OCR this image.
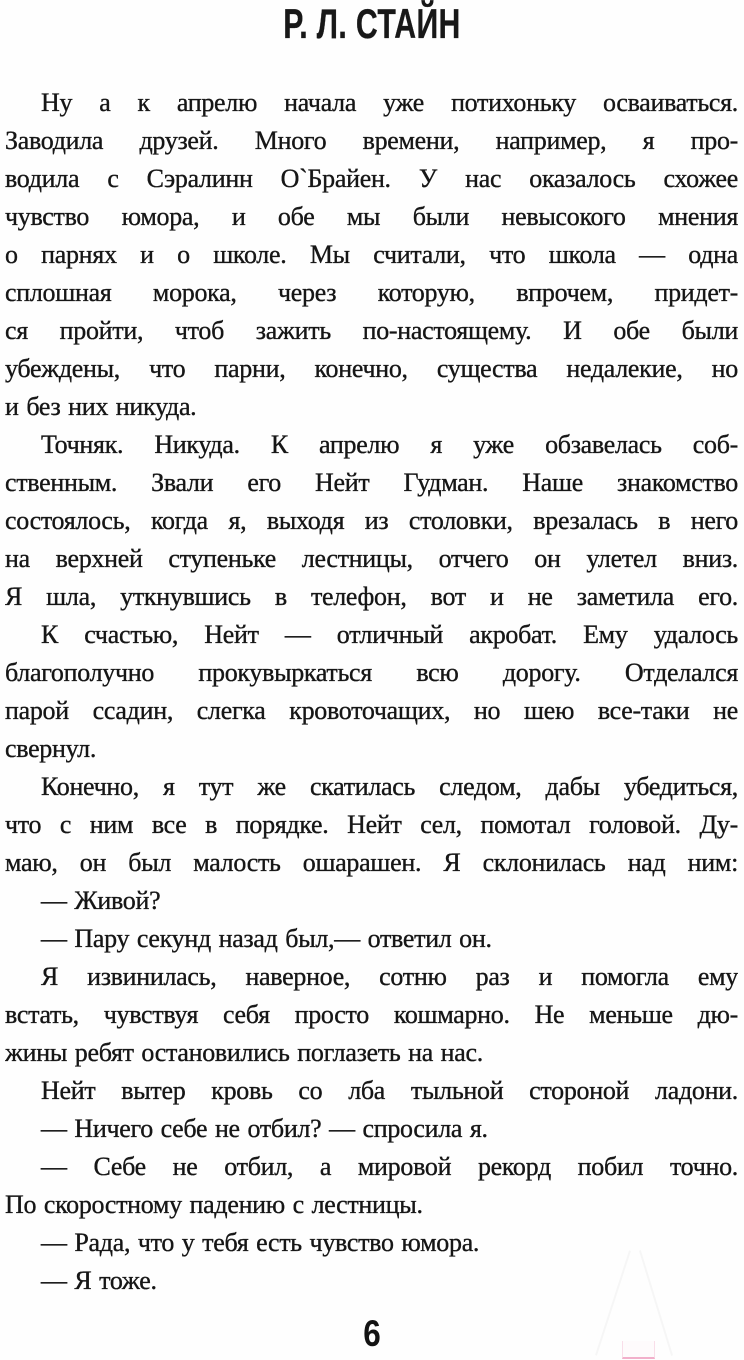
Р. Л. СТАЙН
Ну а к апрелю начала уже потихоньку осваиваться.
Заводила друзей. Много времени, например, я про-
водила с Сэралинн О`Брайен. У нас оказалось схожее
чувство юмора, и обе мы были невысокого мнения
о парнях и о школе. Мы считали, что школа — одна
сплошная морока, через которую, впрочем, придет-
ся пройти, чтоб зажить по-настоящему. И обе были
убеждены, что парни, конечно, существа недалекие, но
и без них никуда.
Точняк. Никуда. К апрелю я уже обзавелась соб-
ственным. Звали его Нейт Гудман. Наше знакомство
состоялось, когда я, выходя из столовки, врезалась в него
на верхней ступеньке лестницы, отчего он улетел вниз.
Я шла, уткнувшись в телефон, вот и не заметила его.
К счастью, Нейт — отличный акробат. Ему удалось
благополучно прокувыркаться всю дорогу. Отделался
парой ссадин, слегка кровоточащих, но шею все-таки не
свернул.
Конечно, я тут же скатилась следом, дабы убедиться,
что с ним все в порядке. Нейт сел, помотал головой. Ду-
маю, он был малость ошарашен. Я склонилась над ним:
— Живой?
— Пару секунд назад был,— ответил он.
Я извинилась, наверное, сотню раз и помогла ему
встать, чувствуя себя просто кошмарно. Не меньше дю-
жины ребят остановились поглазеть на нас.
Нейт вытер кровь со лба тыльной стороной ладони.
— Ничего себе не отбил? — спросила я.
— Себе не отбил, а мировой рекорд побил точно.
По скоростному падению с лестницы.
— Рада, что у тебя есть чувство юмора.
— Я тоже.
6
